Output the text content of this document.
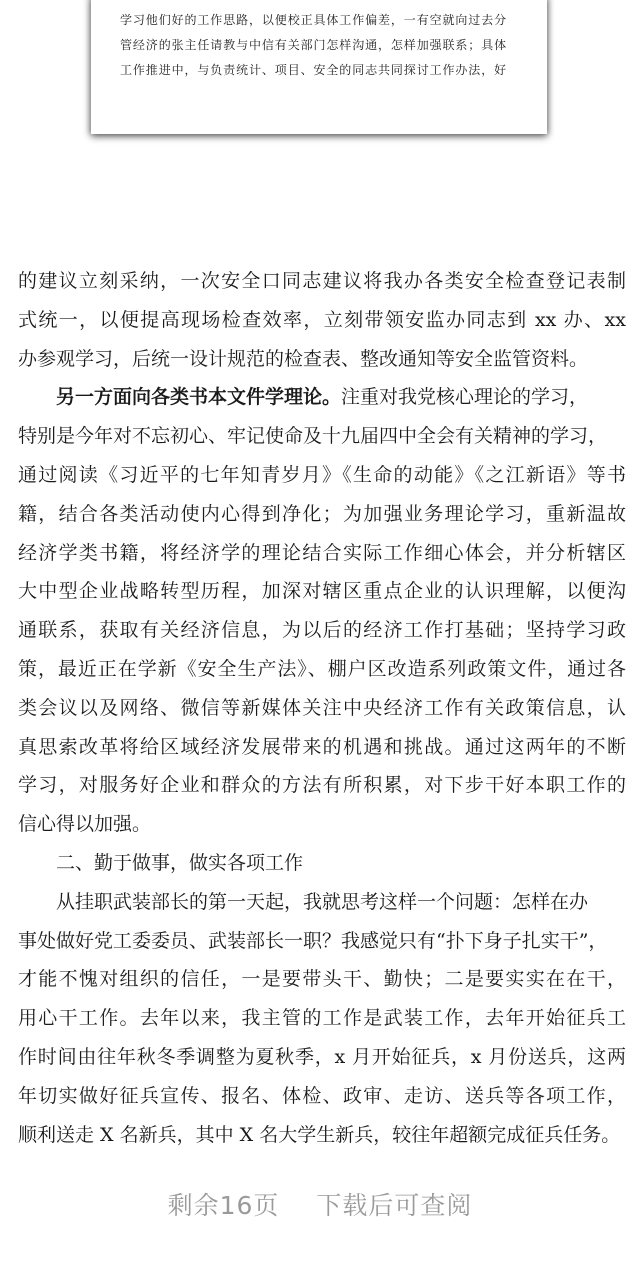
学习他们好的工作思路，以便校正具体工作偏差，一有空就向过去分
管经济的张主任请教与中信有关部门怎样沟通，怎样加强联系；具体
工作推进中，与负责统计、项目、安全的同志共同探讨工作办法，好
的建议立刻采纳，一次安全口同志建议将我办各类安全检查登记表制
式统一，以便提高现场检查效率，立刻带领安监办同志到 xx 办、xx
办参观学习，后统一设计规范的检查表、整改通知等安全监管资料。
另一方面向各类书本文件学理论。注重对我党核心理论的学习，
特别是今年对不忘初心、牢记使命及十九届四中全会有关精神的学习，
通过阅读《习近平的七年知青岁月》《生命的动能》《之江新语》等书
籍，结合各类活动使内心得到净化；为加强业务理论学习，重新温故
经济学类书籍，将经济学的理论结合实际工作细心体会，并分析辖区
大中型企业战略转型历程，加深对辖区重点企业的认识理解，以便沟
通联系，获取有关经济信息，为以后的经济工作打基础；坚持学习政
策，最近正在学新《安全生产法》、棚户区改造系列政策文件，通过各
类会议以及网络、微信等新媒体关注中央经济工作有关政策信息，认
真思索改革将给区域经济发展带来的机遇和挑战。通过这两年的不断
学习，对服务好企业和群众的方法有所积累，对下步干好本职工作的
信心得以加强。
二、勤于做事，做实各项工作
从挂职武装部长的第一天起，我就思考这样一个问题：怎样在办
事处做好党工委委员、武装部长一职？我感觉只有“扑下身子扎实干”，
才能不愧对组织的信任，一是要带头干、勤快；二是要实实在在干，
用心干工作。去年以来，我主管的工作是武装工作，去年开始征兵工
作时间由往年秋冬季调整为夏秋季，x 月开始征兵，x 月份送兵，这两
年切实做好征兵宣传、报名、体检、政审、走访、送兵等各项工作，
顺利送走 X 名新兵，其中 X 名大学生新兵，较往年超额完成征兵任务。
剩余16页 下载后可查阅
